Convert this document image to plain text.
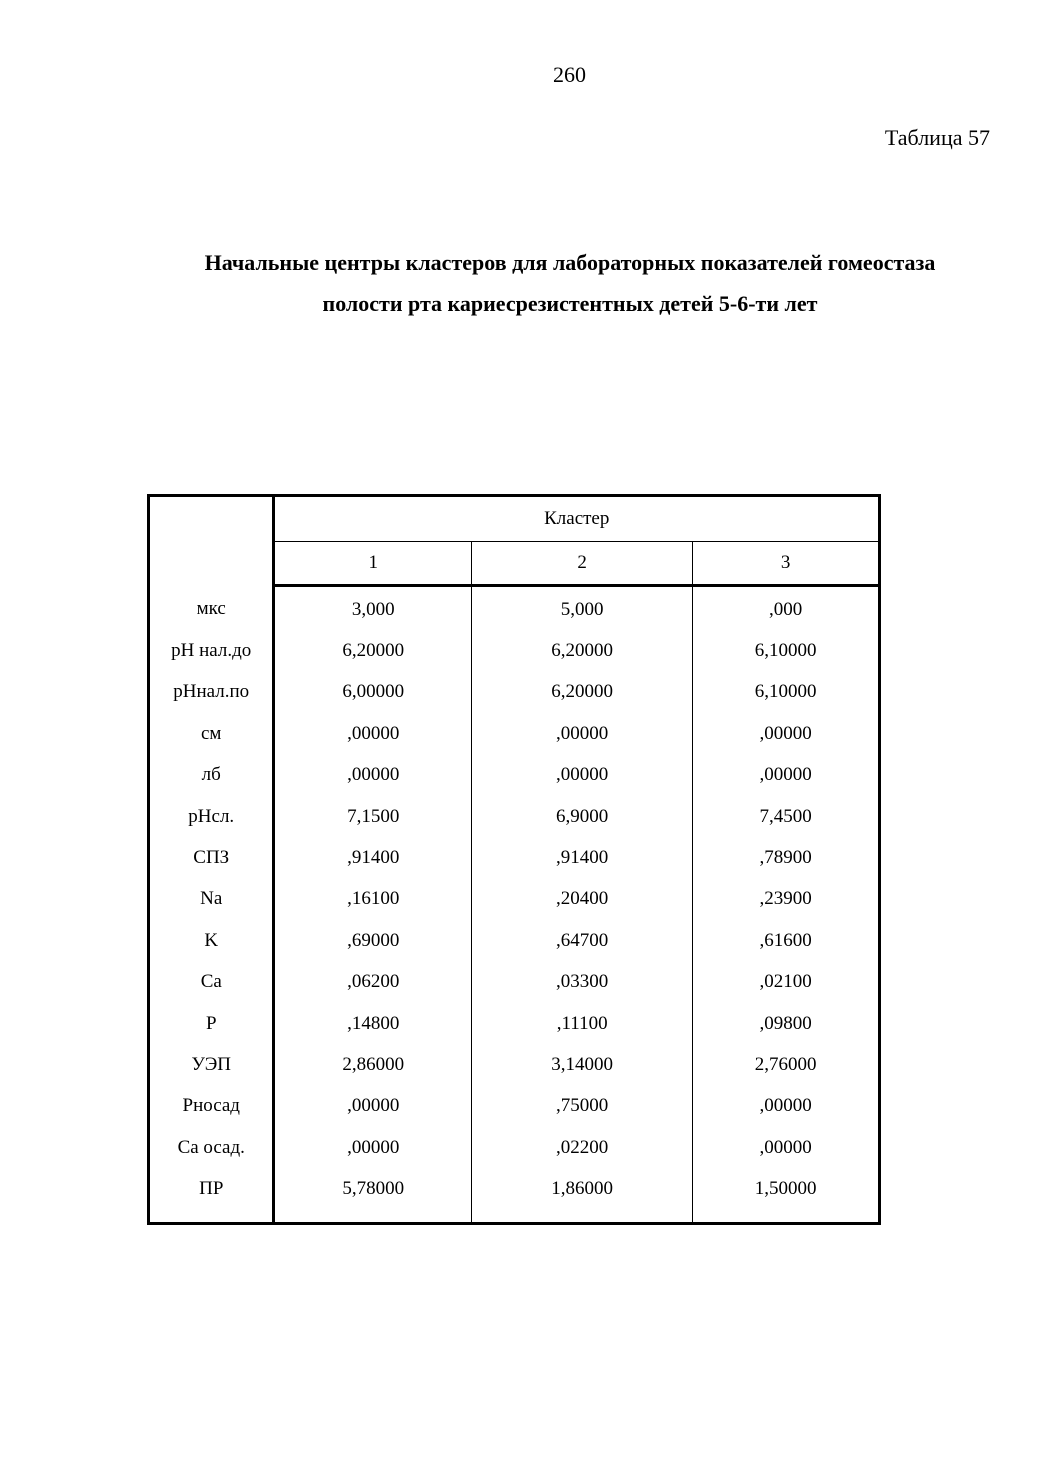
260
Таблица 57
Начальные центры кластеров для лабораторных показателей гомеостаза
полости рта кариесрезистентных детей 5-6-ти лет
	Кластер		
	1	2	3
мкс	3,000	5,000	,000
pH нал.до	6,20000	6,20000	6,10000
pHнал.по	6,00000	6,20000	6,10000
см	,00000	,00000	,00000
лб	,00000	,00000	,00000
pHсл.	7,1500	6,9000	7,4500
СПЗ	,91400	,91400	,78900
Na	,16100	,20400	,23900
K	,69000	,64700	,61600
Ca	,06200	,03300	,02100
P	,14800	,11100	,09800
УЭП	2,86000	3,14000	2,76000
Pносад	,00000	,75000	,00000
Ca осад.	,00000	,02200	,00000
ПР	5,78000	1,86000	1,50000
